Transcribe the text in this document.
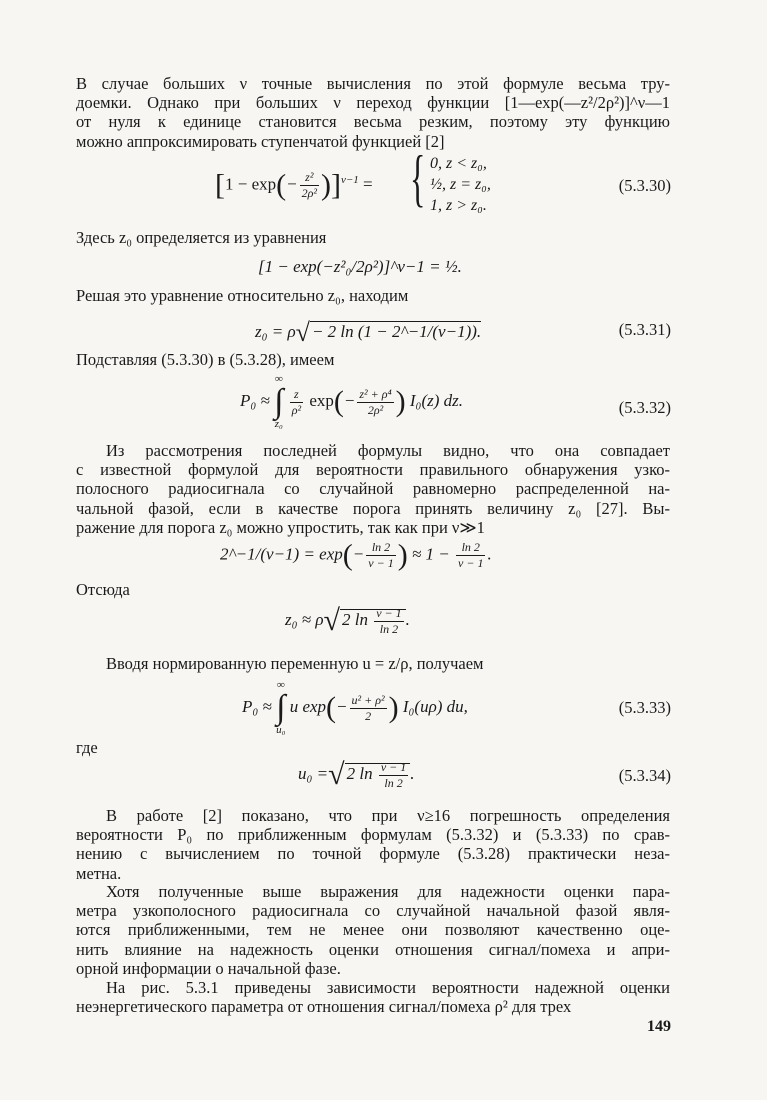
В случае больших ν точные вычисления по этой формуле весьма тру-
доемки. Однако при больших ν переход функции [1—exp(—z²/2ρ²)]^ν—1
от нуля к единице становится весьма резким, поэтому эту функцию
можно аппроксимировать ступенчатой функцией [2]
$[1 - \exp(- \frac{\text{z²}}{\text{2ρ²}} )]^{\nu-1}$ = { 0, z < z₀,
½, z = z₀,
1, z > z₀.
(5.3.30)
Здесь z₀ определяется из уравнения
[1 − exp(−z²₀/2ρ²)]^ν−1 = ½.
Решая это уравнение относительно z₀, находим
z₀ = ρ√ − 2 ln (1 − 2^−1/(ν−1)).	(5.3.31)
Подставляя (5.3.30) в (5.3.28), имеем
P₀ ≈
∞
∫
z₀

$\frac{z}{\text{ρ²}} \exp(- \frac{\text{z² + ρ⁴}}{\text{2ρ²}}$ ) I₀(z) dz.	(5.3.32)
Из рассмотрения последней формулы видно, что она совпадает
с известной формулой для вероятности правильного обнаружения узко-
полосного радиосигнала со случайной равномерно распределенной на-
чальной фазой, если в качестве порога принять величину z₀ [27]. Вы-
ражение для порога z₀ можно упростить, так как при ν≫1
2^−1/(ν−1) = $\exp(- \frac{\ln 2}{\nu - 1}$ ) ≈ $1 - \frac{\ln 2}{\nu - 1}$ .
Отсюда
z₀ ≈ ρ√ 2 $\ln \frac{\nu - 1}{\ln 2}$ .
Вводя нормированную переменную u = z/ρ, получаем
P₀ ≈
∞
∫
u₀
u $\exp(- \frac{\text{u² + ρ²}}{2}$ ) I₀(uρ) du,	(5.3.33)
где
u₀ =√ 2 $\ln \frac{\nu - 1}{\ln 2}$ .	(5.3.34)
В работе [2] показано, что при ν≥16 погрешность определения
вероятности P₀ по приближенным формулам (5.3.32) и (5.3.33) по срав-
нению с вычислением по точной формуле (5.3.28) практически неза-
метна.
Хотя полученные выше выражения для надежности оценки пара-
метра узкополосного радиосигнала со случайной начальной фазой явля-
ются приближенными, тем не менее они позволяют качественно оце-
нить влияние на надежность оценки отношения сигнал/помеха и апри-
орной информации о начальной фазе.
На рис. 5.3.1 приведены зависимости вероятности надежной оценки
неэнергетического параметра от отношения сигнал/помеха ρ² для трех
149
